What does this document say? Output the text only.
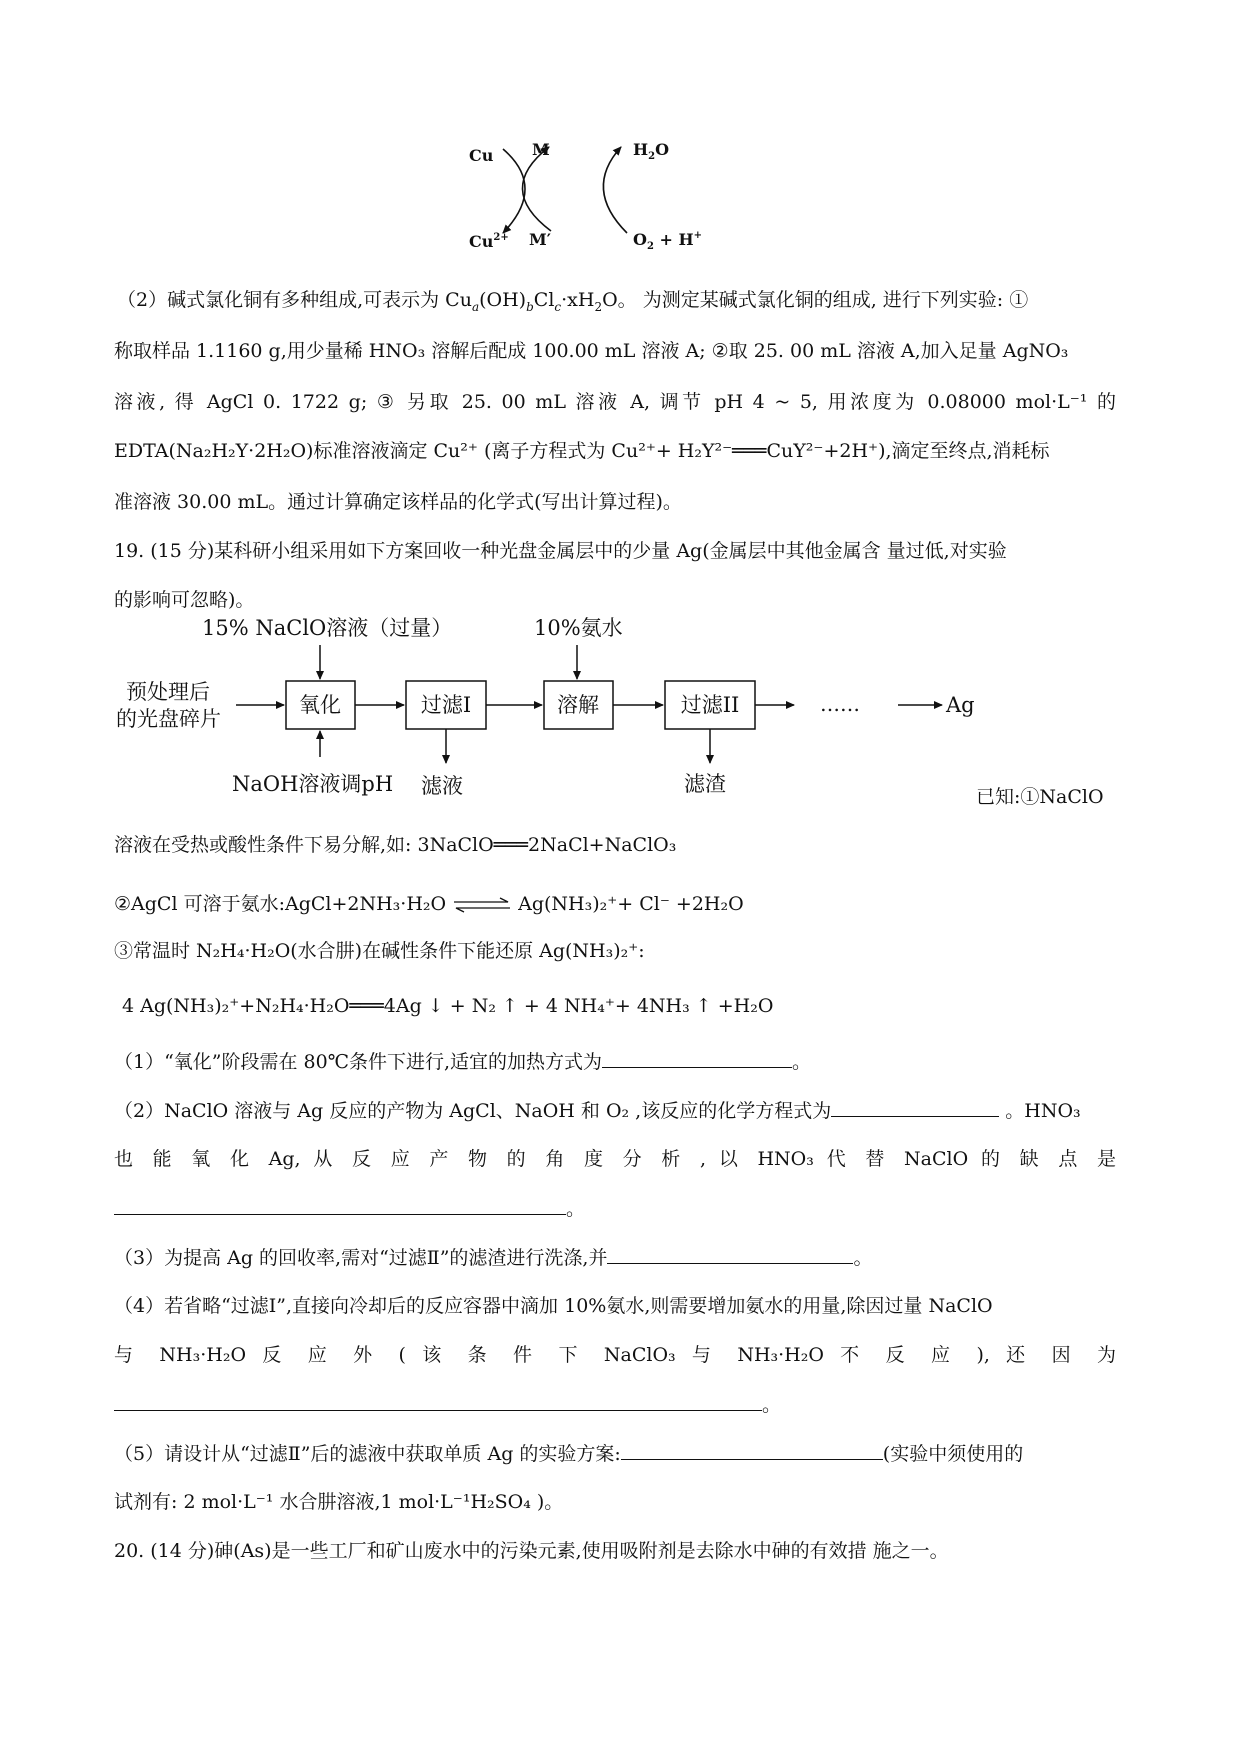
Cu
$Cu^{2+}$
M
M′
$H_2O$
$O_2 + H^+$
（2）碱式氯化铜有多种组成,可表示为 $Cu_a(OH)_bCl_c\cdot xH_2O$。 为测定某碱式氯化铜的组成, 进行下列实验: ①
称取样品 1.1160 g,用少量稀 HNO₃ 溶解后配成 100.00 mL 溶液 A; ②取 25. 00 mL 溶液 A,加入足量 AgNO₃
溶液, 得 AgCl 0. 1722 g; ③ 另取 25. 00 mL 溶液 A, 调节 pH 4 ~ 5, 用浓度为 0.08000 mol·L⁻¹ 的
EDTA(Na₂H₂Y·2H₂O)标准溶液滴定 Cu²⁺ (离子方程式为 Cu²⁺+ H₂Y²⁻═══CuY²⁻+2H⁺),滴定至终点,消耗标
准溶液 30.00 mL。通过计算确定该样品的化学式(写出计算过程)。
19. (15 分)某科研小组采用如下方案回收一种光盘金属层中的少量 Ag(金属层中其他金属含 量过低,对实验
的影响可忽略)。
15% NaClO溶液（过量）	10%氨水
预处理后
的光盘碎片
氧化	过滤I	溶解	过滤II	……	Ag
NaOH溶液调pH 滤液	滤渣
已知:①NaClO
溶液在受热或酸性条件下易分解,如: 3NaClO═══2NaCl+NaClO₃
②AgCl 可溶于氨水:AgCl+2NH₃·H₂O ⇌ Ag(NH₃)₂⁺+ Cl⁻ +2H₂O
③常温时 N₂H₄·H₂O(水合肼)在碱性条件下能还原 Ag(NH₃)₂⁺:
4 Ag(NH₃)₂⁺+N₂H₄·H₂O═══4Ag ↓ + N₂ ↑ + 4 NH₄⁺+ 4NH₃ ↑ +H₂O
（1）“氧化”阶段需在 80℃条件下进行,适宜的加热方式为	。
（2）NaClO 溶液与 Ag 反应的产物为 AgCl、NaOH 和 O₂ ,该反应的化学方程式为	。HNO₃
也 能 氧 化 Ag, 从 反 应 产 物 的 角 度 分 析 , 以 HNO₃ 代 替 NaClO 的 缺 点 是
。
（3）为提高 Ag 的回收率,需对“过滤Ⅱ”的滤渣进行洗涤,并	。
（4）若省略“过滤Ⅰ”,直接向冷却后的反应容器中滴加 10%氨水,则需要增加氨水的用量,除因过量 NaClO
与 NH₃·H₂O 反 应 外 ( 该 条 件 下 NaClO₃ 与 NH₃·H₂O 不 反 应 ), 还 因 为
。
（5）请设计从“过滤Ⅱ”后的滤液中获取单质 Ag 的实验方案:	(实验中须使用的
试剂有: 2 mol·L⁻¹ 水合肼溶液,1 mol·L⁻¹H₂SO₄ )。
20. (14 分)砷(As)是一些工厂和矿山废水中的污染元素,使用吸附剂是去除水中砷的有效措 施之一。
